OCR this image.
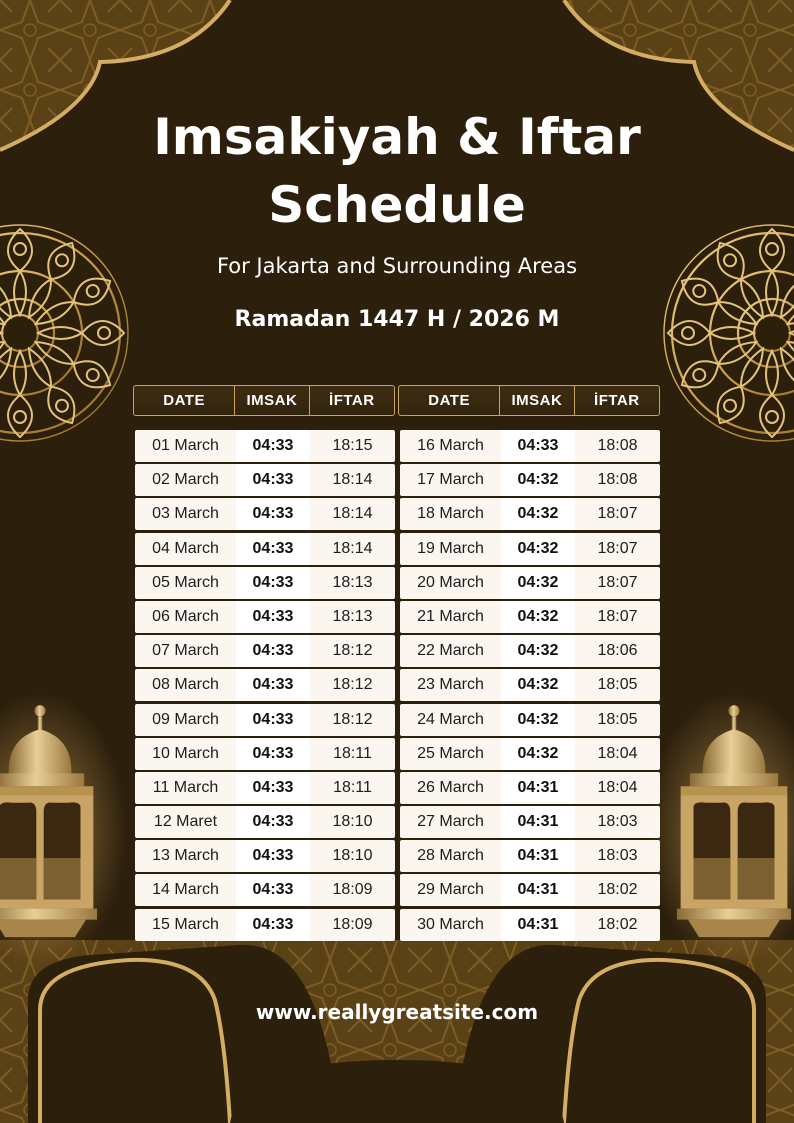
Imsakiyah & Iftar
Schedule
For Jakarta and Surrounding Areas
Ramadan 1447 H / 2026 M
DATE	IMSAK	İFTAR	DATE	IMSAK	İFTAR
01 March	04:33	18:15
02 March	04:33	18:14
03 March	04:33	18:14
04 March	04:33	18:14
05 March	04:33	18:13
06 March	04:33	18:13
07 March	04:33	18:12
08 March	04:33	18:12
09 March	04:33	18:12
10 March	04:33	18:11
11 March	04:33	18:11
12 Maret	04:33	18:10
13 March	04:33	18:10
14 March	04:33	18:09
15 March	04:33	18:09
16 March	04:33	18:08
17 March	04:32	18:08
18 March	04:32	18:07
19 March	04:32	18:07
20 March	04:32	18:07
21 March	04:32	18:07
22 March	04:32	18:06
23 March	04:32	18:05
24 March	04:32	18:05
25 March	04:32	18:04
26 March	04:31	18:04
27 March	04:31	18:03
28 March	04:31	18:03
29 March	04:31	18:02
30 March	04:31	18:02
www.reallygreatsite.com
